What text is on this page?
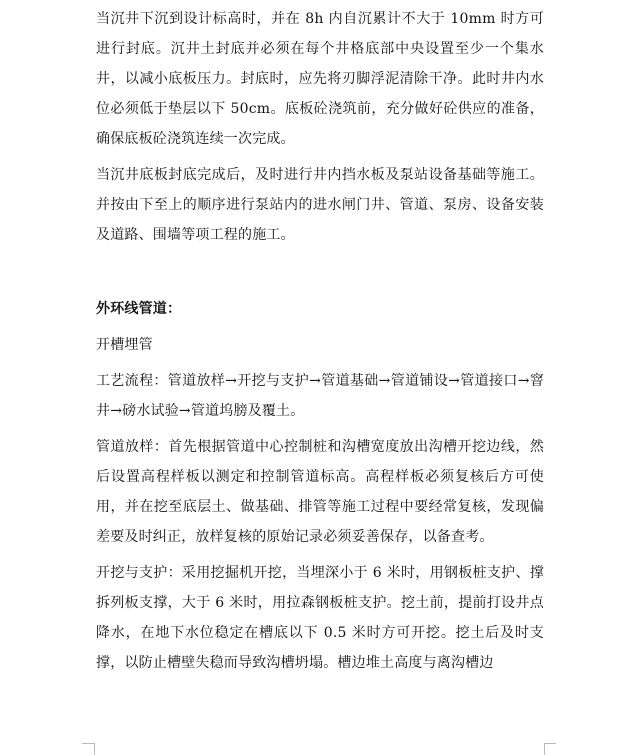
当沉井下沉到设计标高时，并在 8h 内自沉累计不大于 10mm 时方可进行封底。沉井土封底并必须在每个井格底部中央设置至少一个集水井，以减小底板压力。封底时，应先将刃脚浮泥清除干净。此时井内水位必须低于垫层以下 50cm。底板砼浇筑前，充分做好砼供应的准备，确保底板砼浇筑连续一次完成。

当沉井底板封底完成后，及时进行井内挡水板及泵站设备基础等施工。并按由下至上的顺序进行泵站内的进水闸门井、管道、泵房、设备安装及道路、围墙等项工程的施工。

外环线管道：

开槽埋管

工艺流程：管道放样→开挖与支护→管道基础→管道铺设→管道接口→窨井→磅水试验→管道坞膀及覆土。

管道放样：首先根据管道中心控制桩和沟槽宽度放出沟槽开挖边线，然后设置高程样板以测定和控制管道标高。高程样板必须复核后方可使用，并在挖至底层土、做基础、排管等施工过程中要经常复核，发现偏差要及时纠正，放样复核的原始记录必须妥善保存，以备查考。

开挖与支护：采用挖掘机开挖，当埋深小于 6 米时，用钢板桩支护、撑拆列板支撑，大于 6 米时，用拉森钢板桩支护。挖土前，提前打设井点降水，在地下水位稳定在槽底以下 0.5 米时方可开挖。挖土后及时支撑，以防止槽壁失稳而导致沟槽坍塌。槽边堆土高度与离沟槽边
